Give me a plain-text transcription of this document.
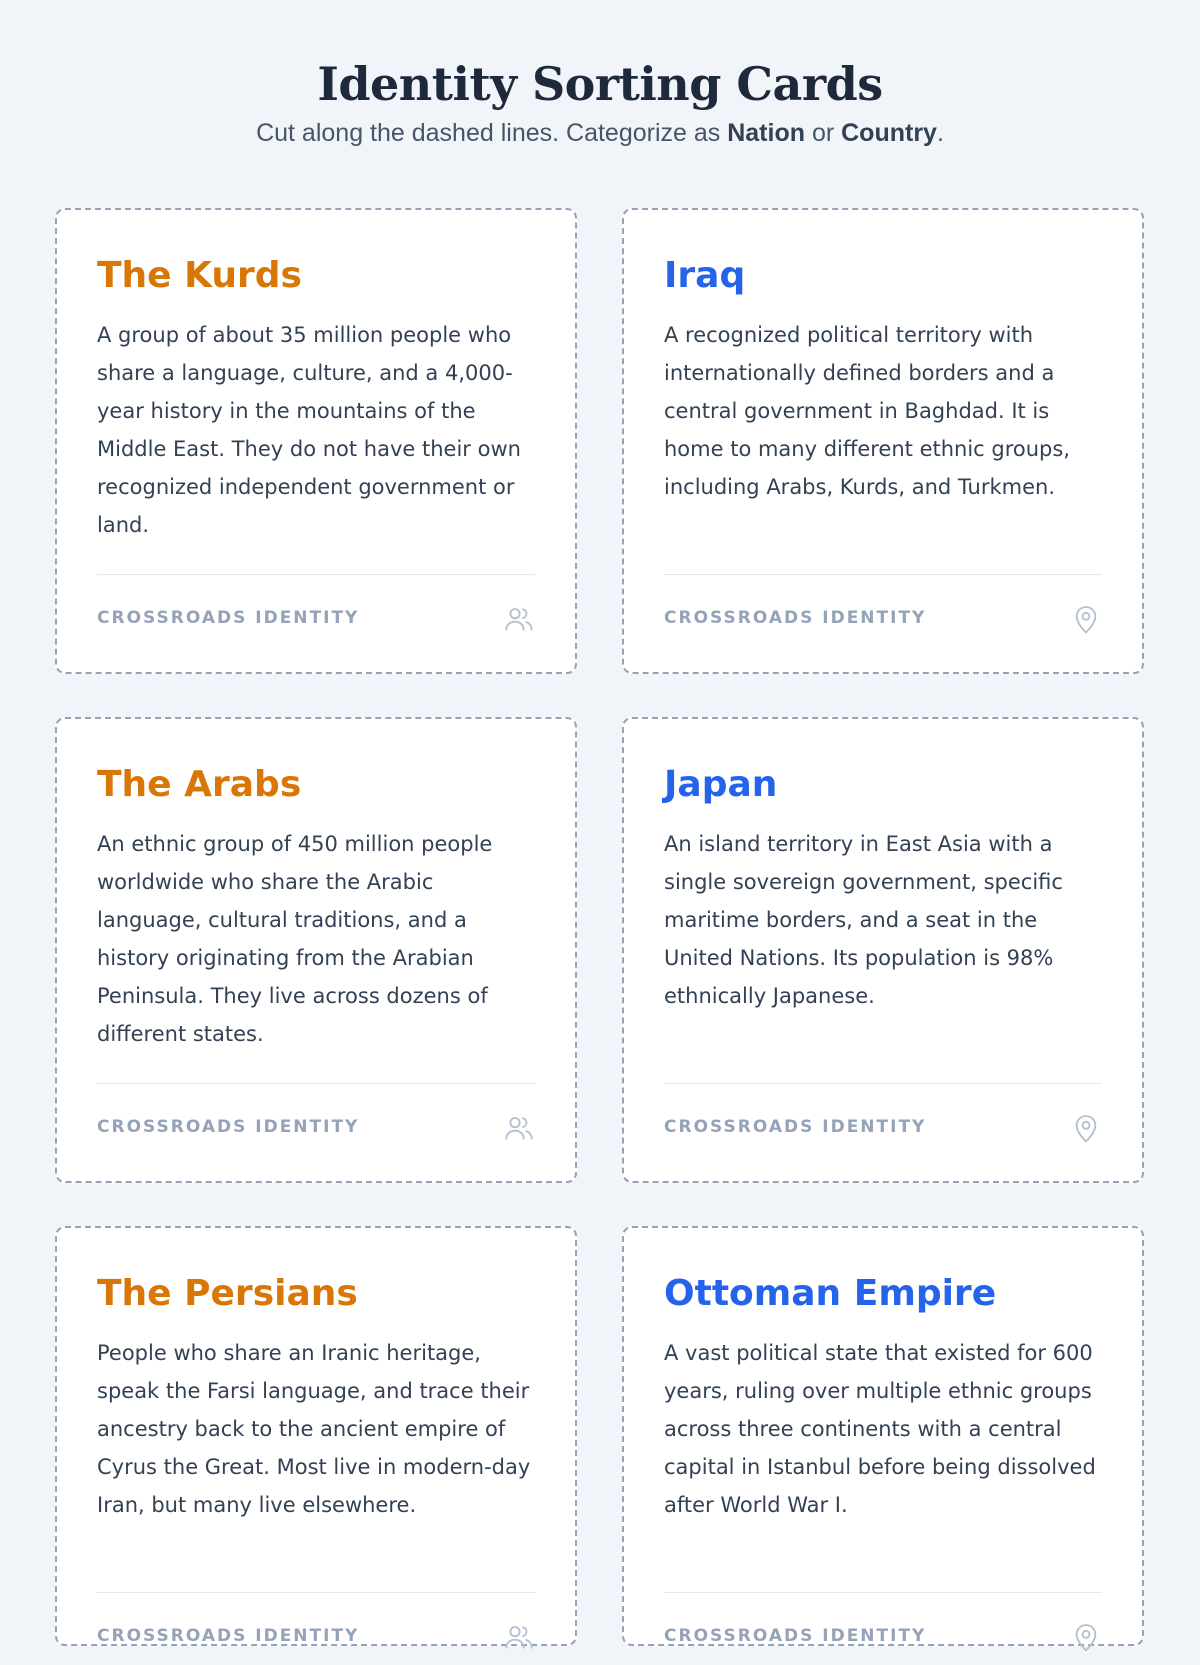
Identity Sorting Cards
Cut along the dashed lines. Categorize as Nation or Country.
The Kurds
A group of about 35 million people who share a language, culture, and a 4,000-year history in the mountains of the Middle East. They do not have their own recognized independent government or land.
CROSSROADS IDENTITY
Iraq
A recognized political territory with internationally defined borders and a central government in Baghdad. It is home to many different ethnic groups, including Arabs, Kurds, and Turkmen.
CROSSROADS IDENTITY
The Arabs
An ethnic group of 450 million people worldwide who share the Arabic language, cultural traditions, and a history originating from the Arabian Peninsula. They live across dozens of different states.
CROSSROADS IDENTITY
Japan
An island territory in East Asia with a single sovereign government, specific maritime borders, and a seat in the United Nations. Its population is 98% ethnically Japanese.
CROSSROADS IDENTITY
The Persians
People who share an Iranic heritage, speak the Farsi language, and trace their ancestry back to the ancient empire of Cyrus the Great. Most live in modern-day Iran, but many live elsewhere.
CROSSROADS IDENTITY
Ottoman Empire
A vast political state that existed for 600 years, ruling over multiple ethnic groups across three continents with a central capital in Istanbul before being dissolved after World War I.
CROSSROADS IDENTITY
